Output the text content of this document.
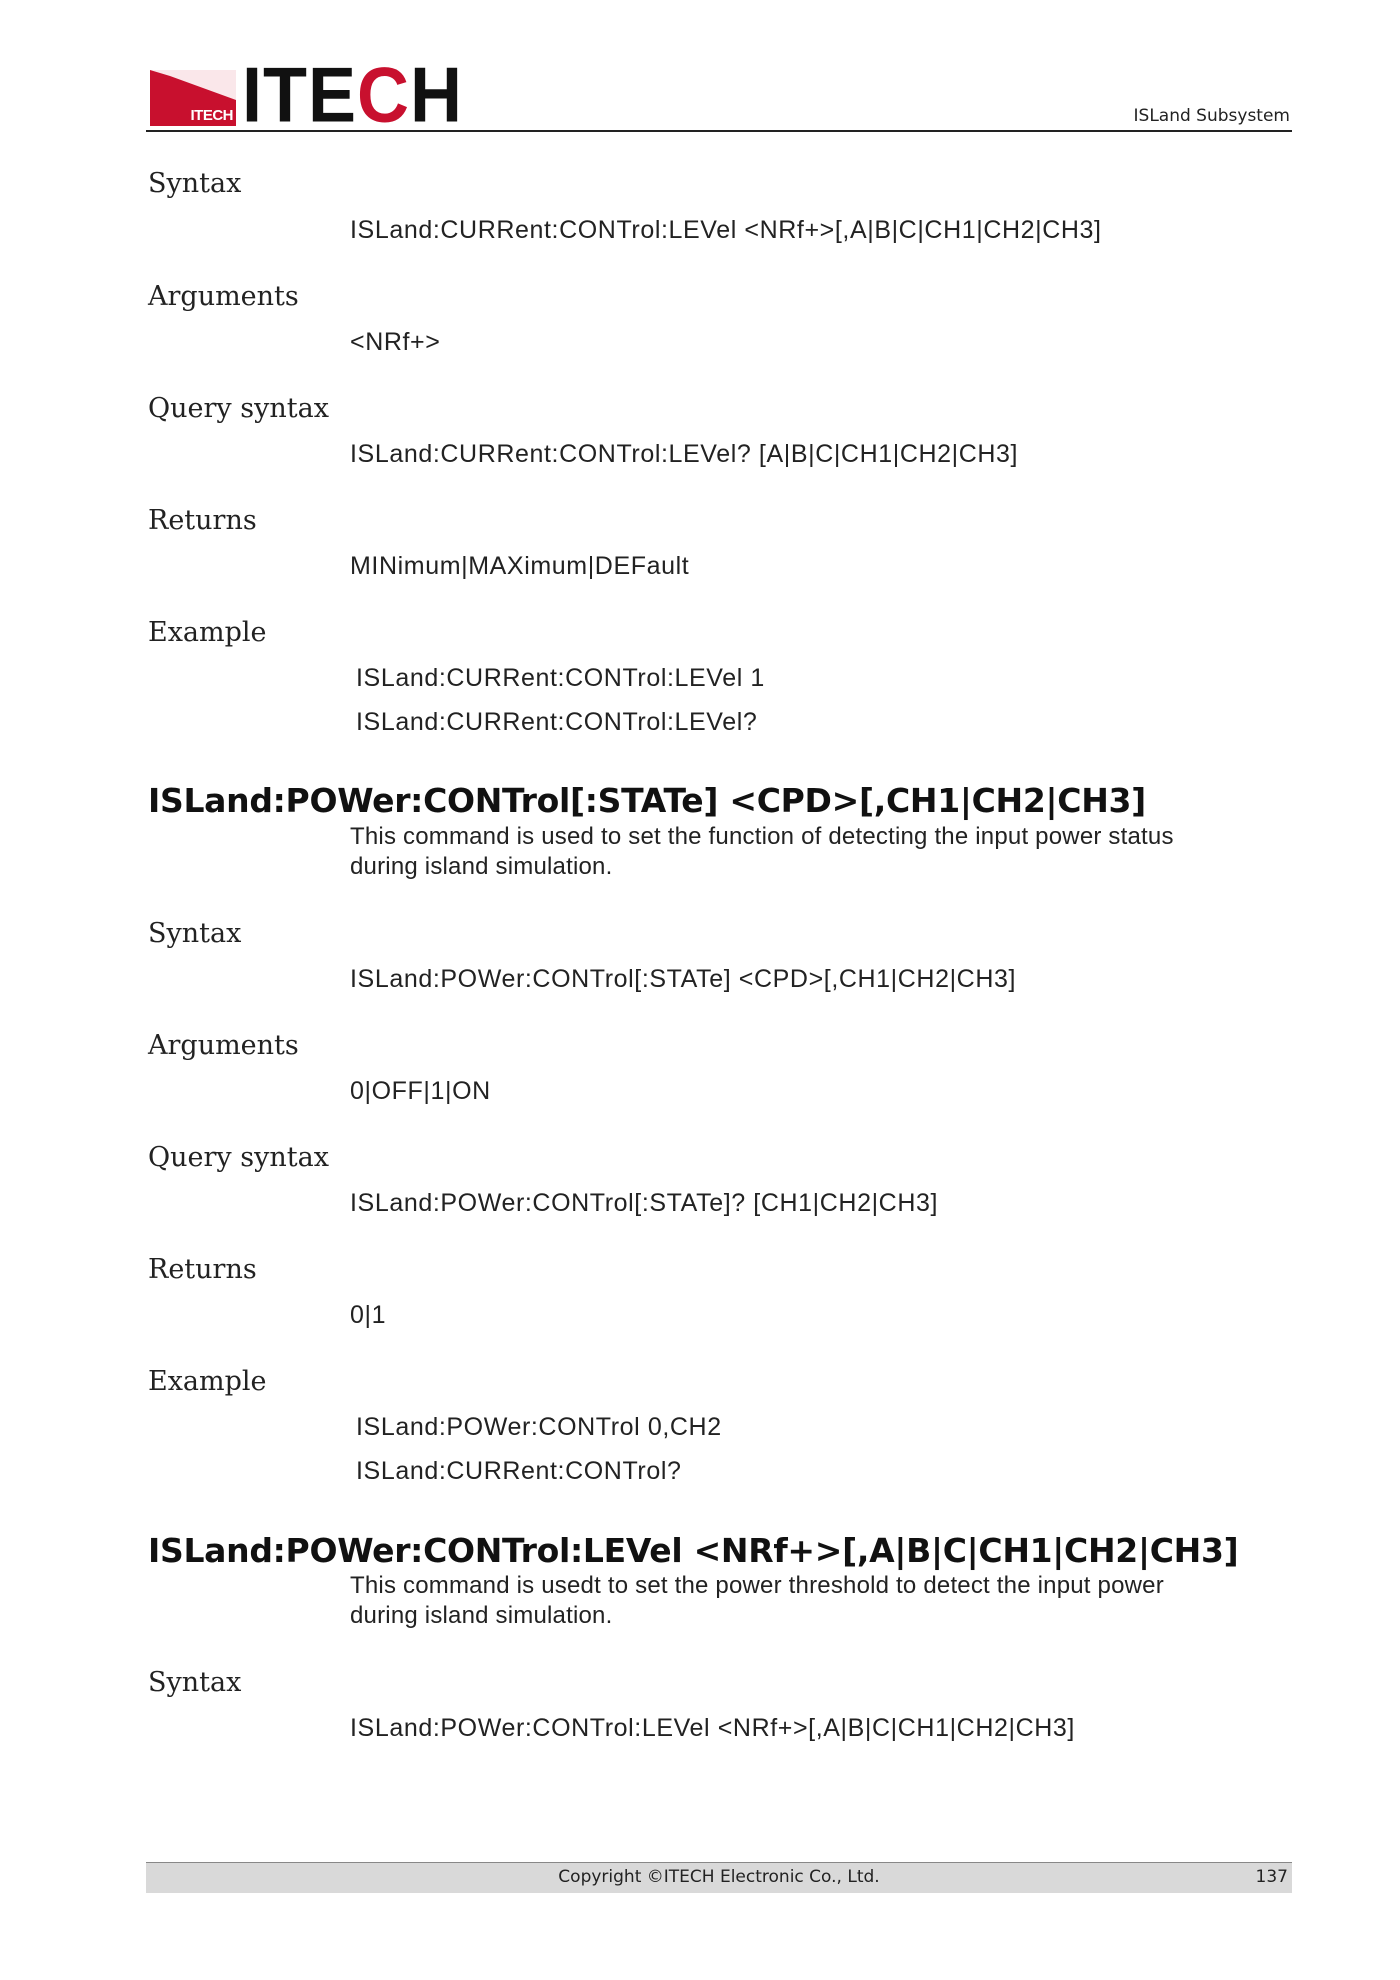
ITECH ITECH	ISLand Subsystem
Syntax
ISLand:CURRent:CONTrol:LEVel <NRf+>[,A|B|C|CH1|CH2|CH3]
Arguments
<NRf+>
Query syntax
ISLand:CURRent:CONTrol:LEVel? [A|B|C|CH1|CH2|CH3]
Returns
MINimum|MAXimum|DEFault
Example
ISLand:CURRent:CONTrol:LEVel 1
ISLand:CURRent:CONTrol:LEVel?
ISLand:POWer:CONTrol[:STATe] <CPD>[,CH1|CH2|CH3]
This command is used to set the function of detecting the input power status
during island simulation.
Syntax
ISLand:POWer:CONTrol[:STATe] <CPD>[,CH1|CH2|CH3]
Arguments
0|OFF|1|ON
Query syntax
ISLand:POWer:CONTrol[:STATe]? [CH1|CH2|CH3]
Returns
0|1
Example
ISLand:POWer:CONTrol 0,CH2
ISLand:CURRent:CONTrol?
ISLand:POWer:CONTrol:LEVel <NRf+>[,A|B|C|CH1|CH2|CH3]
This command is usedt to set the power threshold to detect the input power
during island simulation.
Syntax
ISLand:POWer:CONTrol:LEVel <NRf+>[,A|B|C|CH1|CH2|CH3]
Copyright ©ITECH Electronic Co., Ltd.	137
